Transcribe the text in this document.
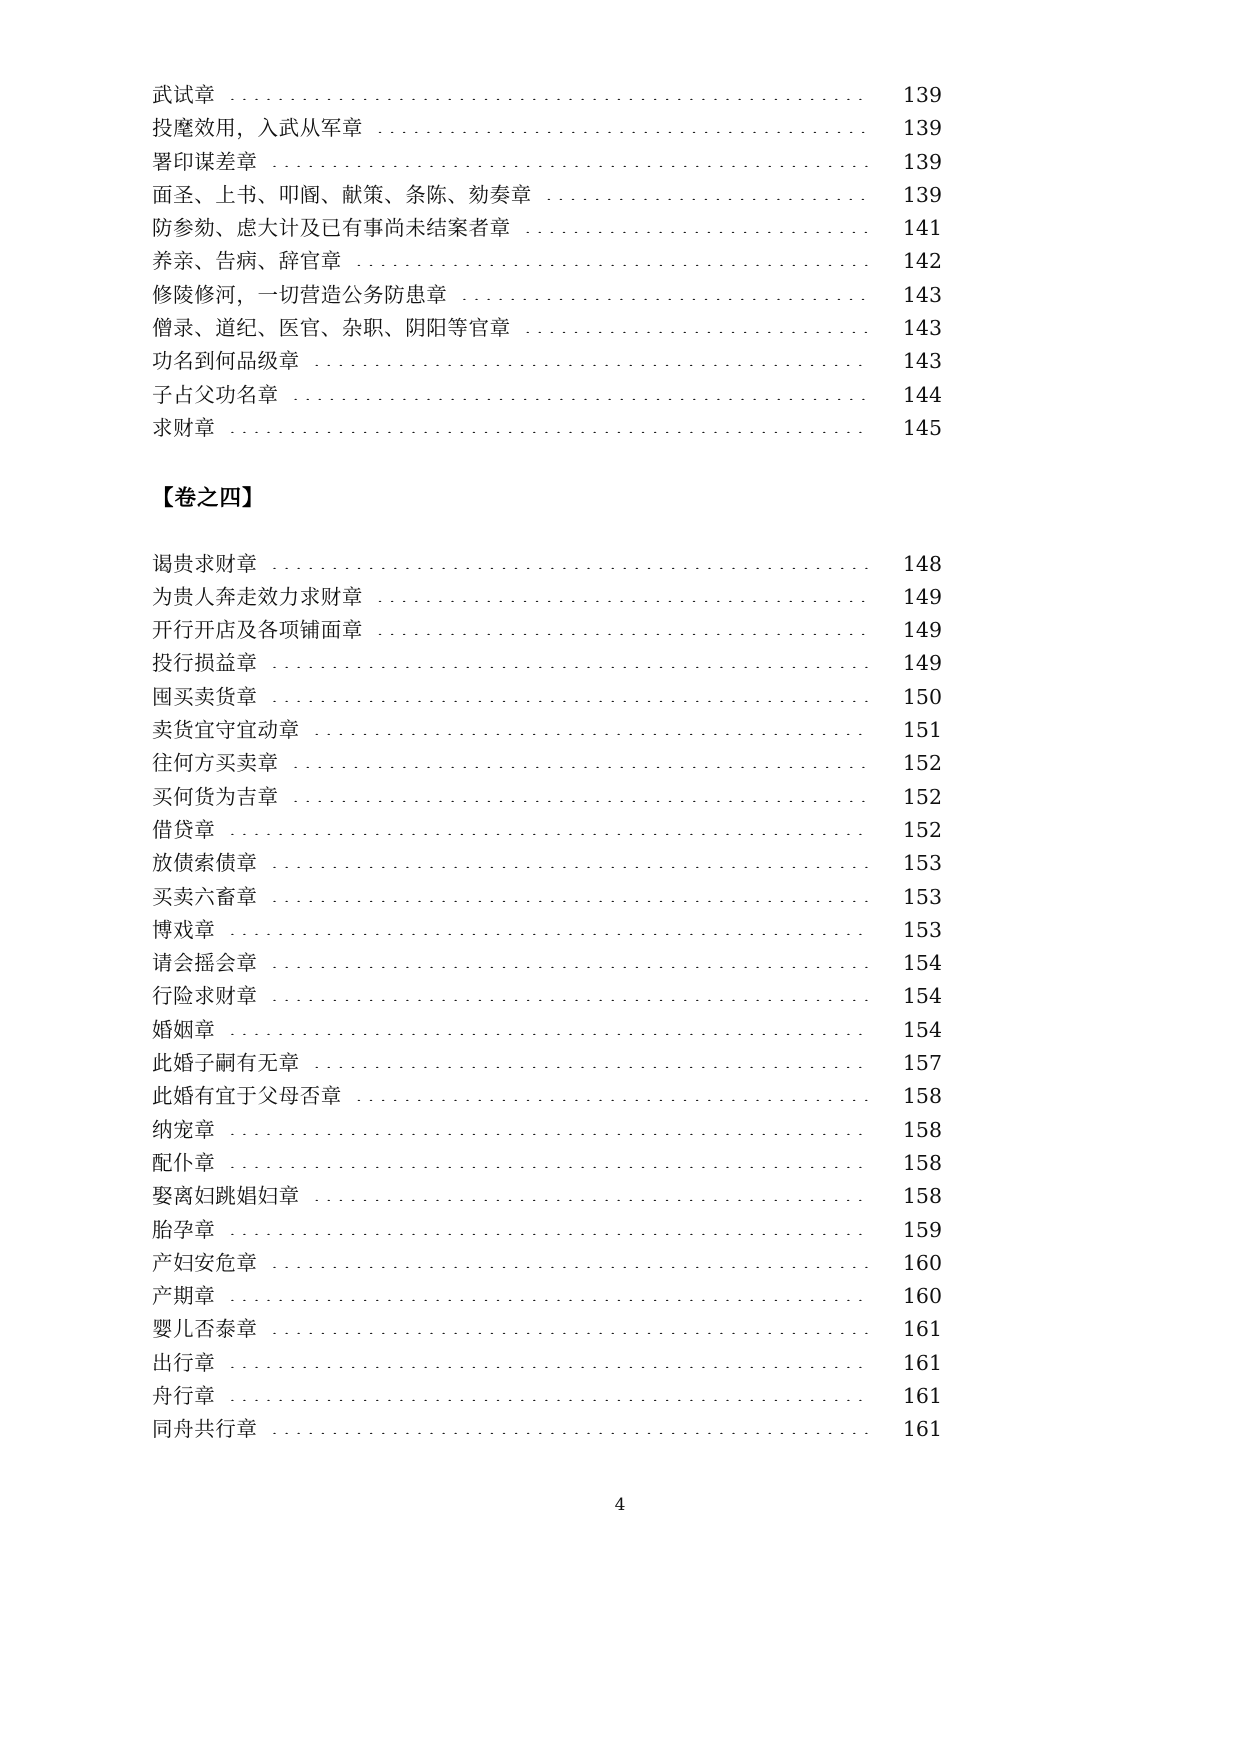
武试章 . . .	139
投麾效用，入武从军章 . . .	139
署印谋差章 . . .	139
面圣、上书、叩阍、献策、条陈、劾奏章 . . .	139
防参劾、虑大计及已有事尚未结案者章 . . .	141
养亲、告病、辞官章 . . .	142
修陵修河，一切营造公务防患章 . . .	143
僧录、道纪、医官、杂职、阴阳等官章 . . .	143
功名到何品级章 . . .	143
子占父功名章 . . .	144
求财章 . . .	145
【卷之四】
谒贵求财章 . . .	148
为贵人奔走效力求财章 . . .	149
开行开店及各项铺面章 . . .	149
投行损益章 . . .	149
囤买卖货章 . . .	150
卖货宜守宜动章 . . .	151
往何方买卖章 . . .	152
买何货为吉章 . . .	152
借贷章 . . .	152
放债索债章 . . .	153
买卖六畜章 . . .	153
博戏章 . . .	153
请会摇会章 . . .	154
行险求财章 . . .	154
婚姻章 . . .	154
此婚子嗣有无章 . . .	157
此婚有宜于父母否章 . . .	158
纳宠章 . . .	158
配仆章 . . .	158
娶离妇跳娼妇章 . . .	158
胎孕章 . . .	159
产妇安危章 . . .	160
产期章 . . .	160
婴儿否泰章 . . .	161
出行章 . . .	161
舟行章 . . .	161
同舟共行章 . . .	161
4
